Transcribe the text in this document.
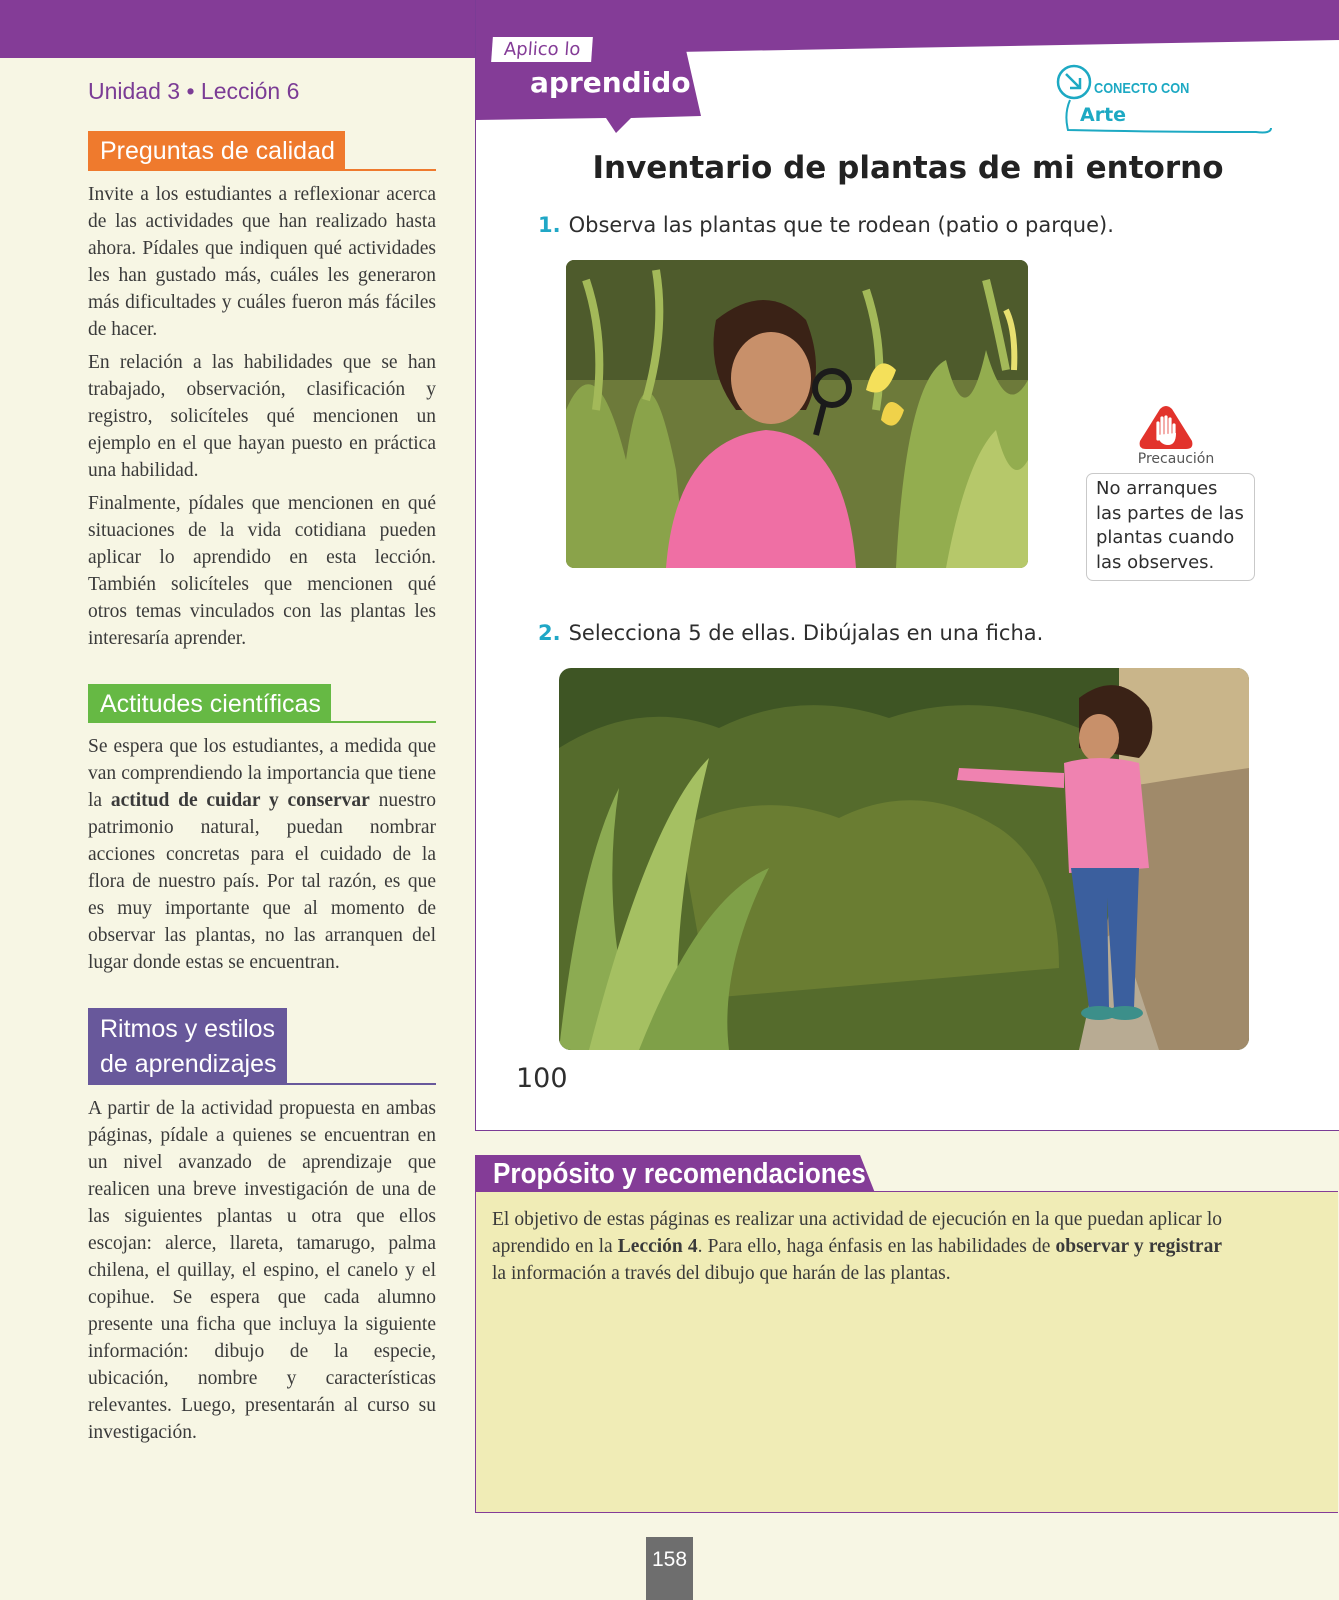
Unidad 3 • Lección 6
Preguntas de calidad

Invite a los estudiantes a reflexionar acerca de las actividades que han realizado hasta ahora. Pídales que indiquen qué actividades les han gustado más, cuáles les generaron más dificultades y cuáles fueron más fáciles de hacer.

En relación a las habilidades que se han trabajado, observación, clasificación y registro, solicíteles qué mencionen un ejemplo en el que hayan puesto en práctica una habilidad.

Finalmente, pídales que mencionen en qué situaciones de la vida cotidiana pueden aplicar lo aprendido en esta lección. También solicíteles que mencionen qué otros temas vinculados con las plantas les interesaría aprender.

Actitudes científicas

Se espera que los estudiantes, a medida que van comprendiendo la importancia que tiene la actitud de cuidar y conservar nuestro patrimonio natural, puedan nombrar acciones concretas para el cuidado de la flora de nuestro país. Por tal razón, es que es muy importante que al momento de observar las plantas, no las arranquen del lugar donde estas se encuentran.

Ritmos y estilos
de aprendizajes

A partir de la actividad propuesta en ambas páginas, pídale a quienes se encuentran en un nivel avanzado de aprendizaje que realicen una breve investigación de una de las siguientes plantas u otra que ellos escojan: alerce, llareta, tamarugo, palma chilena, el quillay, el espino, el canelo y el copihue. Se espera que cada alumno presente una ficha que incluya la siguiente información: dibujo de la especie, ubicación, nombre y características relevantes. Luego, presentarán al curso su investigación.

Aplico lo
aprendido	CONECTO CON
Arte
Inventario de plantas de mi entorno
1. Observa las plantas que te rodean (patio o parque).
Precaución
No arranques las partes de las plantas cuando las observes.
2. Selecciona 5 de ellas. Dibújalas en una ficha.
100
Propósito y recomendaciones

El objetivo de estas páginas es realizar una actividad de ejecución en la que puedan aplicar lo aprendido en la Lección 4. Para ello, haga énfasis en las habilidades de observar y registrar la información a través del dibujo que harán de las plantas.

158
